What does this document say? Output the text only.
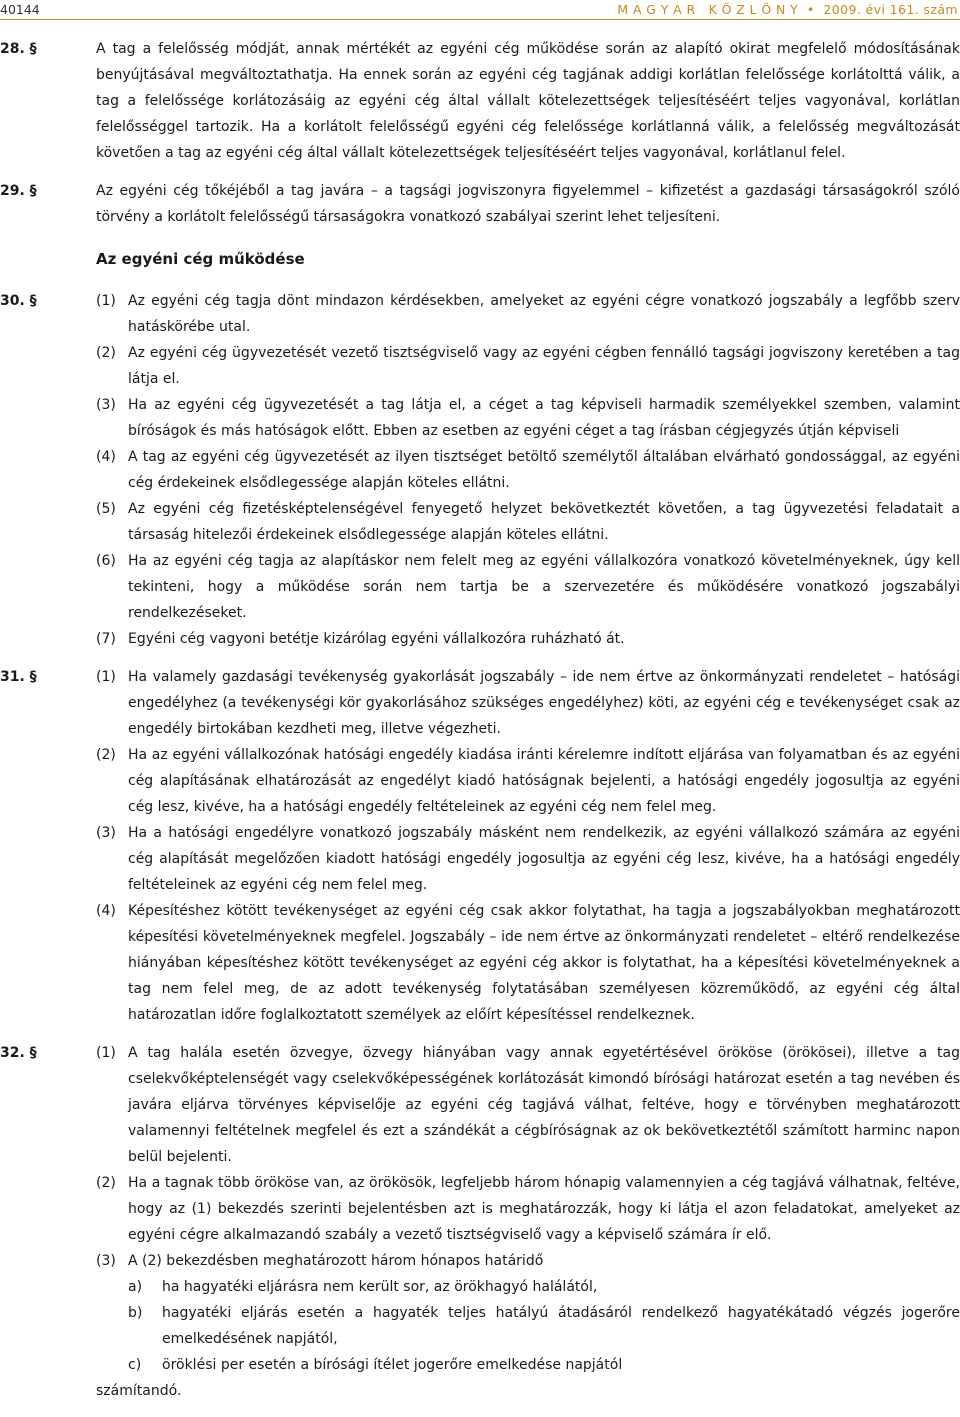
40144	M A G Y A R   K Ö Z L Ö N Y  •  2009. évi 161. szám
28. §	A tag a felelősség módját, annak mértékét az egyéni cég működése során az alapító okirat megfelelő módosításának benyújtásával megváltoztathatja. Ha ennek során az egyéni cég tagjának addigi korlátlan felelőssége korlátolttá válik, a tag a felelőssége korlátozásáig az egyéni cég által vállalt kötelezettségek teljesítéséért teljes vagyonával, korlátlan felelősséggel tartozik. Ha a korlátolt felelősségű egyéni cég felelőssége korlátlanná válik, a felelősség megváltozását követően a tag az egyéni cég által vállalt kötelezettségek teljesítéséért teljes vagyonával, korlátlanul felel.

29. §	Az egyéni cég tőkéjéből a tag javára – a tagsági jogviszonyra figyelemmel – kifizetést a gazdasági társaságokról szóló törvény a korlátolt felelősségű társaságokra vonatkozó szabályai szerint lehet teljesíteni.

Az egyéni cég működése
30. §	(1) Az egyéni cég tagja dönt mindazon kérdésekben, amelyeket az egyéni cégre vonatkozó jogszabály a legfőbb szerv hatáskörébe utal.
(2) Az egyéni cég ügyvezetését vezető tisztségviselő vagy az egyéni cégben fennálló tagsági jogviszony keretében a tag látja el.
(3) Ha az egyéni cég ügyvezetését a tag látja el, a céget a tag képviseli harmadik személyekkel szemben, valamint bíróságok és más hatóságok előtt. Ebben az esetben az egyéni céget a tag írásban cégjegyzés útján képviseli
(4) A tag az egyéni cég ügyvezetését az ilyen tisztséget betöltő személytől általában elvárható gondossággal, az egyéni cég érdekeinek elsődlegessége alapján köteles ellátni.
(5) Az egyéni cég fizetésképtelenségével fenyegető helyzet bekövetkeztét követően, a tag ügyvezetési feladatait a társaság hitelezői érdekeinek elsődlegessége alapján köteles ellátni.
(6) Ha az egyéni cég tagja az alapításkor nem felelt meg az egyéni vállalkozóra vonatkozó követelményeknek, úgy kell tekinteni, hogy a működése során nem tartja be a szervezetére és működésére vonatkozó jogszabályi rendelkezéseket.
(7) Egyéni cég vagyoni betétje kizárólag egyéni vállalkozóra ruházható át.
31. §	(1) Ha valamely gazdasági tevékenység gyakorlását jogszabály – ide nem értve az önkormányzati rendeletet – hatósági engedélyhez (a tevékenységi kör gyakorlásához szükséges engedélyhez) köti, az egyéni cég e tevékenységet csak az engedély birtokában kezdheti meg, illetve végezheti.
(2) Ha az egyéni vállalkozónak hatósági engedély kiadása iránti kérelemre indított eljárása van folyamatban és az egyéni cég alapításának elhatározását az engedélyt kiadó hatóságnak bejelenti, a hatósági engedély jogosultja az egyéni cég lesz, kivéve, ha a hatósági engedély feltételeinek az egyéni cég nem felel meg.
(3) Ha a hatósági engedélyre vonatkozó jogszabály másként nem rendelkezik, az egyéni vállalkozó számára az egyéni cég alapítását megelőzően kiadott hatósági engedély jogosultja az egyéni cég lesz, kivéve, ha a hatósági engedély feltételeinek az egyéni cég nem felel meg.
(4) Képesítéshez kötött tevékenységet az egyéni cég csak akkor folytathat, ha tagja a jogszabályokban meghatározott képesítési követelményeknek megfelel. Jogszabály – ide nem értve az önkormányzati rendeletet – eltérő rendelkezése hiányában képesítéshez kötött tevékenységet az egyéni cég akkor is folytathat, ha a képesítési követelményeknek a tag nem felel meg, de az adott tevékenység folytatásában személyesen közreműködő, az egyéni cég által határozatlan időre foglalkoztatott személyek az előírt képesítéssel rendelkeznek.
32. §	(1) A tag halála esetén özvegye, özvegy hiányában vagy annak egyetértésével örököse (örökösei), illetve a tag cselekvőképtelenségét vagy cselekvőképességének korlátozását kimondó bírósági határozat esetén a tag nevében és javára eljárva törvényes képviselője az egyéni cég tagjává válhat, feltéve, hogy e törvényben meghatározott valamennyi feltételnek megfelel és ezt a szándékát a cégbíróságnak az ok bekövetkeztétől számított harminc napon belül bejelenti.
(2) Ha a tagnak több örököse van, az örökösök, legfeljebb három hónapig valamennyien a cég tagjává válhatnak, feltéve, hogy az (1) bekezdés szerinti bejelentésben azt is meghatározzák, hogy ki látja el azon feladatokat, amelyeket az egyéni cégre alkalmazandó szabály a vezető tisztségviselő vagy a képviselő számára ír elő.
(3) A (2) bekezdésben meghatározott három hónapos határidő
a) ha hagyatéki eljárásra nem került sor, az örökhagyó halálától,
b) hagyatéki eljárás esetén a hagyaték teljes hatályú átadásáról rendelkező hagyatékátadó végzés jogerőre emelkedésének napjától,
c) öröklési per esetén a bírósági ítélet jogerőre emelkedése napjától

számítandó.
